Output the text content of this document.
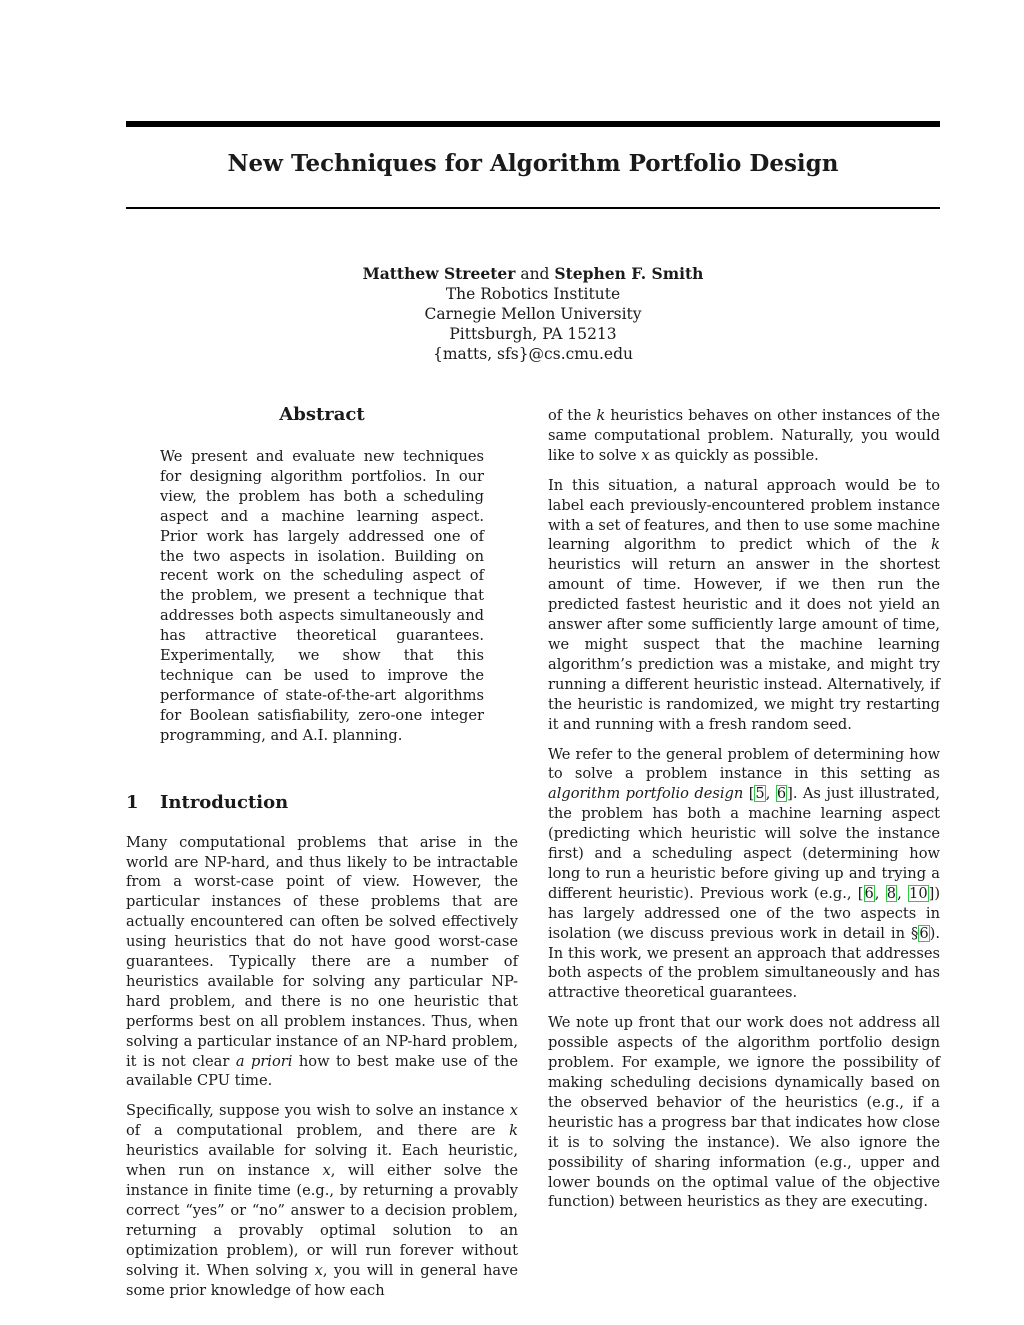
New Techniques for Algorithm Portfolio Design
Matthew Streeter and Stephen F. Smith
The Robotics Institute
Carnegie Mellon University
Pittsburgh, PA 15213
{matts, sfs}@cs.cmu.edu
Abstract
We present and evaluate new techniques for designing algorithm portfolios. In our view, the problem has both a scheduling aspect and a machine learning aspect. Prior work has largely addressed one of the two aspects in isolation. Building on recent work on the scheduling aspect of the problem, we present a technique that addresses both aspects simultaneously and has attractive theoretical guarantees. Experimentally, we show that this technique can be used to improve the performance of state-of-the-art algorithms for Boolean satisfiability, zero-one integer programming, and A.I. planning.
1 Introduction

Many computational problems that arise in the world are NP-hard, and thus likely to be intractable from a worst-case point of view. However, the particular instances of these problems that are actually encountered can often be solved effectively using heuristics that do not have good worst-case guarantees. Typically there are a number of heuristics available for solving any particular NP-hard problem, and there is no one heuristic that performs best on all problem instances. Thus, when solving a particular instance of an NP-hard problem, it is not clear a priori how to best make use of the available CPU time.

Specifically, suppose you wish to solve an instance x of a computational problem, and there are k heuristics available for solving it. Each heuristic, when run on instance x, will either solve the instance in finite time (e.g., by returning a provably correct “yes” or “no” answer to a decision problem, returning a provably optimal solution to an optimization problem), or will run forever without solving it. When solving x, you will in general have some prior knowledge of how each

of the k heuristics behaves on other instances of the same computational problem. Naturally, you would like to solve x as quickly as possible.

In this situation, a natural approach would be to label each previously-encountered problem instance with a set of features, and then to use some machine learning algorithm to predict which of the k heuristics will return an answer in the shortest amount of time. However, if we then run the predicted fastest heuristic and it does not yield an answer after some sufficiently large amount of time, we might suspect that the machine learning algorithm’s prediction was a mistake, and might try running a different heuristic instead. Alternatively, if the heuristic is randomized, we might try restarting it and running with a fresh random seed.

We refer to the general problem of determining how to solve a problem instance in this setting as algorithm portfolio design [5, 6]. As just illustrated, the problem has both a machine learning aspect (predicting which heuristic will solve the instance first) and a scheduling aspect (determining how long to run a heuristic before giving up and trying a different heuristic). Previous work (e.g., [6, 8, 10]) has largely addressed one of the two aspects in isolation (we discuss previous work in detail in §6). In this work, we present an approach that addresses both aspects of the problem simultaneously and has attractive theoretical guarantees.

We note up front that our work does not address all possible aspects of the algorithm portfolio design problem. For example, we ignore the possibility of making scheduling decisions dynamically based on the observed behavior of the heuristics (e.g., if a heuristic has a progress bar that indicates how close it is to solving the instance). We also ignore the possibility of sharing information (e.g., upper and lower bounds on the optimal value of the objective function) between heuristics as they are executing.
